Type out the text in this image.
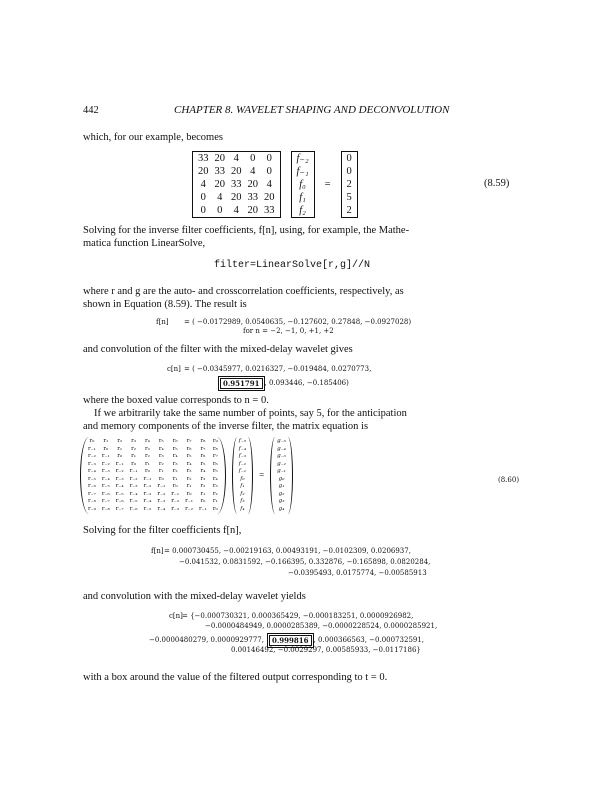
442	CHAPTER 8. WAVELET SHAPING AND DECONVOLUTION
which, for our example, becomes
33	20	4	0	0
20	33	20	4	0
4	20	33	20	4
0	4	20	33	20
0	0	4	20	33
f₋₂
f₋₁
f₀
f₁
f₂
=
0
0
2
5
2
(8.59)
Solving for the inverse filter coefficients, f[n], using, for example, the Mathe-
matica function LinearSolve,
filter=LinearSolve[r,g]//N
where r and g are the auto- and crosscorrelation coefficients, respectively, as
shown in Equation (8.59). The result is
f[n] = ( −0.0172989, 0.0540635, −0.127602, 0.27848, −0.0927028)
for n = −2, −1, 0, +1, +2
and convolution of the filter with the mixed-delay wavelet gives
c[n] = ( −0.0345977, 0.0216327, −0.019484, 0.0270773,
0.951791 , 0.093446, −0.185406)
where the boxed value corresponds to n = 0.
If we arbitrarily take the same number of points, say 5, for the anticipation
and memory components of the inverse filter, the matrix equation is
r₀	r₁	r₂	r₃	r₄	r₅	r₆	r₇	r₈	r₉
r₋₁	r₀	r₁	r₂	r₃	r₄	r₅	r₆	r₇	r₈
r₋₂	r₋₁	r₀	r₁	r₂	r₃	r₄	r₅	r₆	r₇
r₋₃	r₋₂	r₋₁	r₀	r₁	r₂	r₃	r₄	r₅	r₆
r₋₄	r₋₃	r₋₂	r₋₁	r₀	r₁	r₂	r₃	r₄	r₅
r₋₅	r₋₄	r₋₃	r₋₂	r₋₁	r₀	r₁	r₂	r₃	r₄
r₋₆	r₋₅	r₋₄	r₋₃	r₋₂	r₋₁	r₀	r₁	r₂	r₃
r₋₇	r₋₆	r₋₅	r₋₄	r₋₃	r₋₂	r₋₁	r₀	r₁	r₂
r₋₈	r₋₇	r₋₆	r₋₅	r₋₄	r₋₃	r₋₂	r₋₁	r₀	r₁
r₋₉	r₋₈	r₋₇	r₋₆	r₋₅	r₋₄	r₋₃	r₋₂	r₋₁	r₀
f₋₅
f₋₄
f₋₃
f₋₂
f₋₁
f₀
f₁
f₂
f₃
f₄
=
g₋₅
g₋₄
g₋₃
g₋₂
g₋₁
g₀
g₁
g₂
g₃
g₄
(8.60)
Solving for the filter coefficients f[n],
f[n] = 0.000730455, −0.00219163, 0.00493191, −0.0102309, 0.0206937,
−0.041532, 0.0831592, −0.166395, 0.332876, −0.165898, 0.0820284,
−0.0395493, 0.0175774, −0.00585913
and convolution with the mixed-delay wavelet yields
c[n] = {−0.000730321, 0.000365429, −0.000183251, 0.0000926982,
−0.0000484949, 0.0000285389, −0.0000228524, 0.0000285921,
−0.0000480279, 0.0000929777,	0.999816 , 0.000366563, −0.000732591,
0.00146492, −0.0029297, 0.00585933, −0.0117186}
with a box around the value of the filtered output corresponding to t = 0.
